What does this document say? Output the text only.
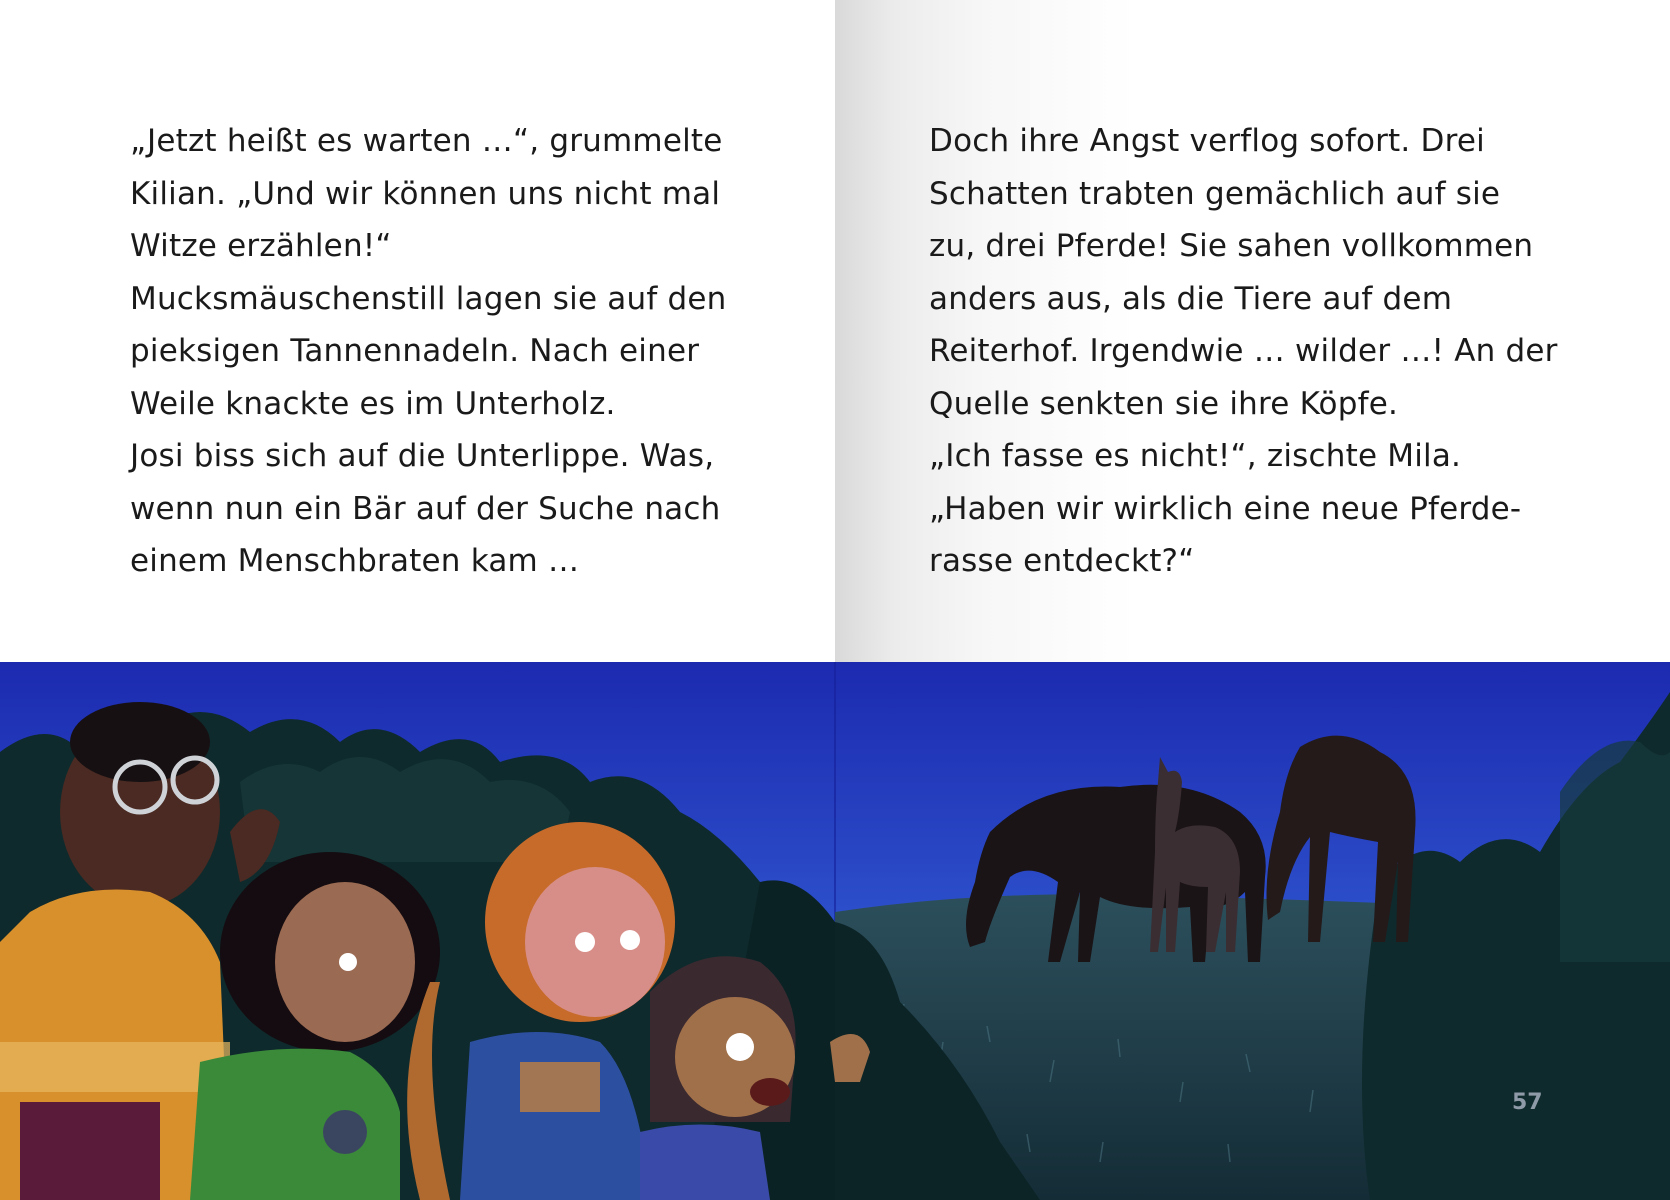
„Jetzt heißt es warten …“, grummelte
Kilian. „Und wir können uns nicht mal
Witze erzählen!“
Mucksmäuschenstill lagen sie auf den
pieksigen Tannennadeln. Nach einer
Weile knackte es im Unterholz.
Josi biss sich auf die Unterlippe. Was,
wenn nun ein Bär auf der Suche nach
einem Menschbraten kam …
Doch ihre Angst verflog sofort. Drei
Schatten trabten gemächlich auf sie
zu, drei Pferde! Sie sahen vollkommen
anders aus, als die Tiere auf dem
Reiterhof. Irgendwie … wilder …! An der
Quelle senkten sie ihre Köpfe.
„Ich fasse es nicht!“, zischte Mila.
„Haben wir wirklich eine neue Pferde-
rasse entdeckt?“
57
